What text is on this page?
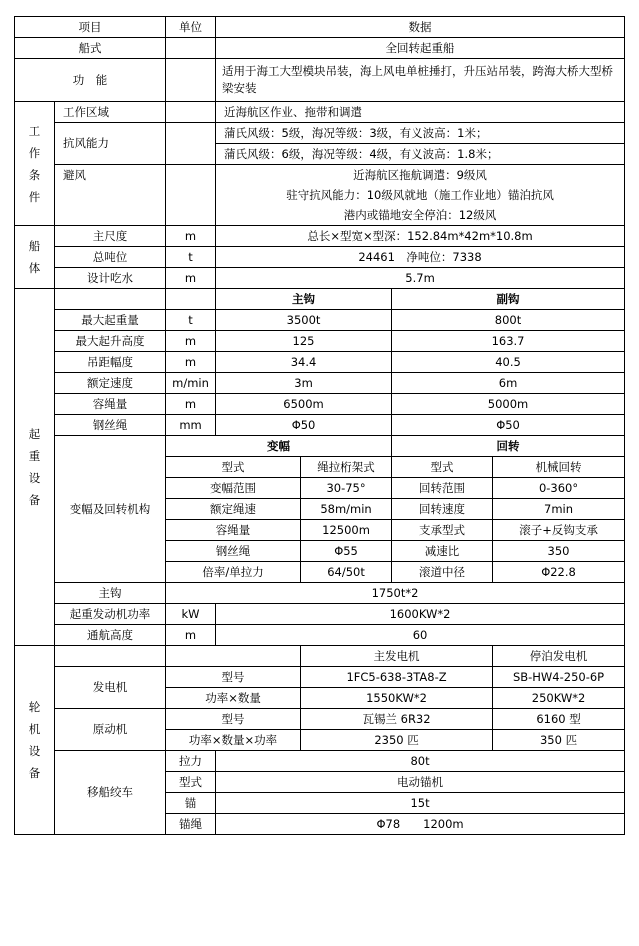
项目		单位	数据			
船式			全回转起重船			
功　能			适用于海工大型模块吊装，海上风电单桩捶打，升压站吊装，跨海大桥大型桥梁安装			
工作条件	工作区域		近海航区作业、拖带和调遣			
	抗风能力		蒲氏风级：5级，海况等级：3级，有义波高：1米；			
			蒲氏风级：6级，海况等级：4级，有义波高：1.8米；			
	避风		近海航区拖航调遣：9级风			
			驻守抗风能力：10级风就地（施工作业地）锚泊抗风			
			港内或锚地安全停泊：12级风			
船体	主尺度	m	总长×型宽×型深：152.84m*42m*10.8m			
	总吨位	t	24461　净吨位：7338			
	设计吃水	m	5.7m			
起重设备			主钩		副钩	
	最大起重量	t	3500t		800t	
	最大起升高度	m	125		163.7	
	吊距幅度	m	34.4		40.5	
	额定速度	m/min	3m		6m	
	容绳量	m	6500m		5000m	
	钢丝绳	mm	Φ50		Φ50	
	变幅及回转机构	变幅			回转	
		型式		绳拉桁架式	型式	机械回转
		变幅范围		30-75°	回转范围	0-360°
		额定绳速		58m/min	回转速度	7min
		容绳量		12500m	支承型式	滚子+反钩支承
		钢丝绳		Φ55	减速比	350
		倍率/单拉力		64/50t	滚道中径	Φ22.8
	主钩	1750t*2				
	起重发动机功率	kW	1600KW*2			
	通航高度	m	60			
轮机设备				主发电机		停泊发电机
	发电机	型号		1FC5-638-3TA8-Z		SB-HW4-250-6P
		功率×数量		1550KW*2		250KW*2
	原动机	型号		瓦锡兰 6R32		6160 型
		功率×数量×功率		2350 匹		350 匹
	移船绞车	拉力	80t			
		型式	电动锚机			
		锚	15t			
		锚绳	Φ78　　1200m			
